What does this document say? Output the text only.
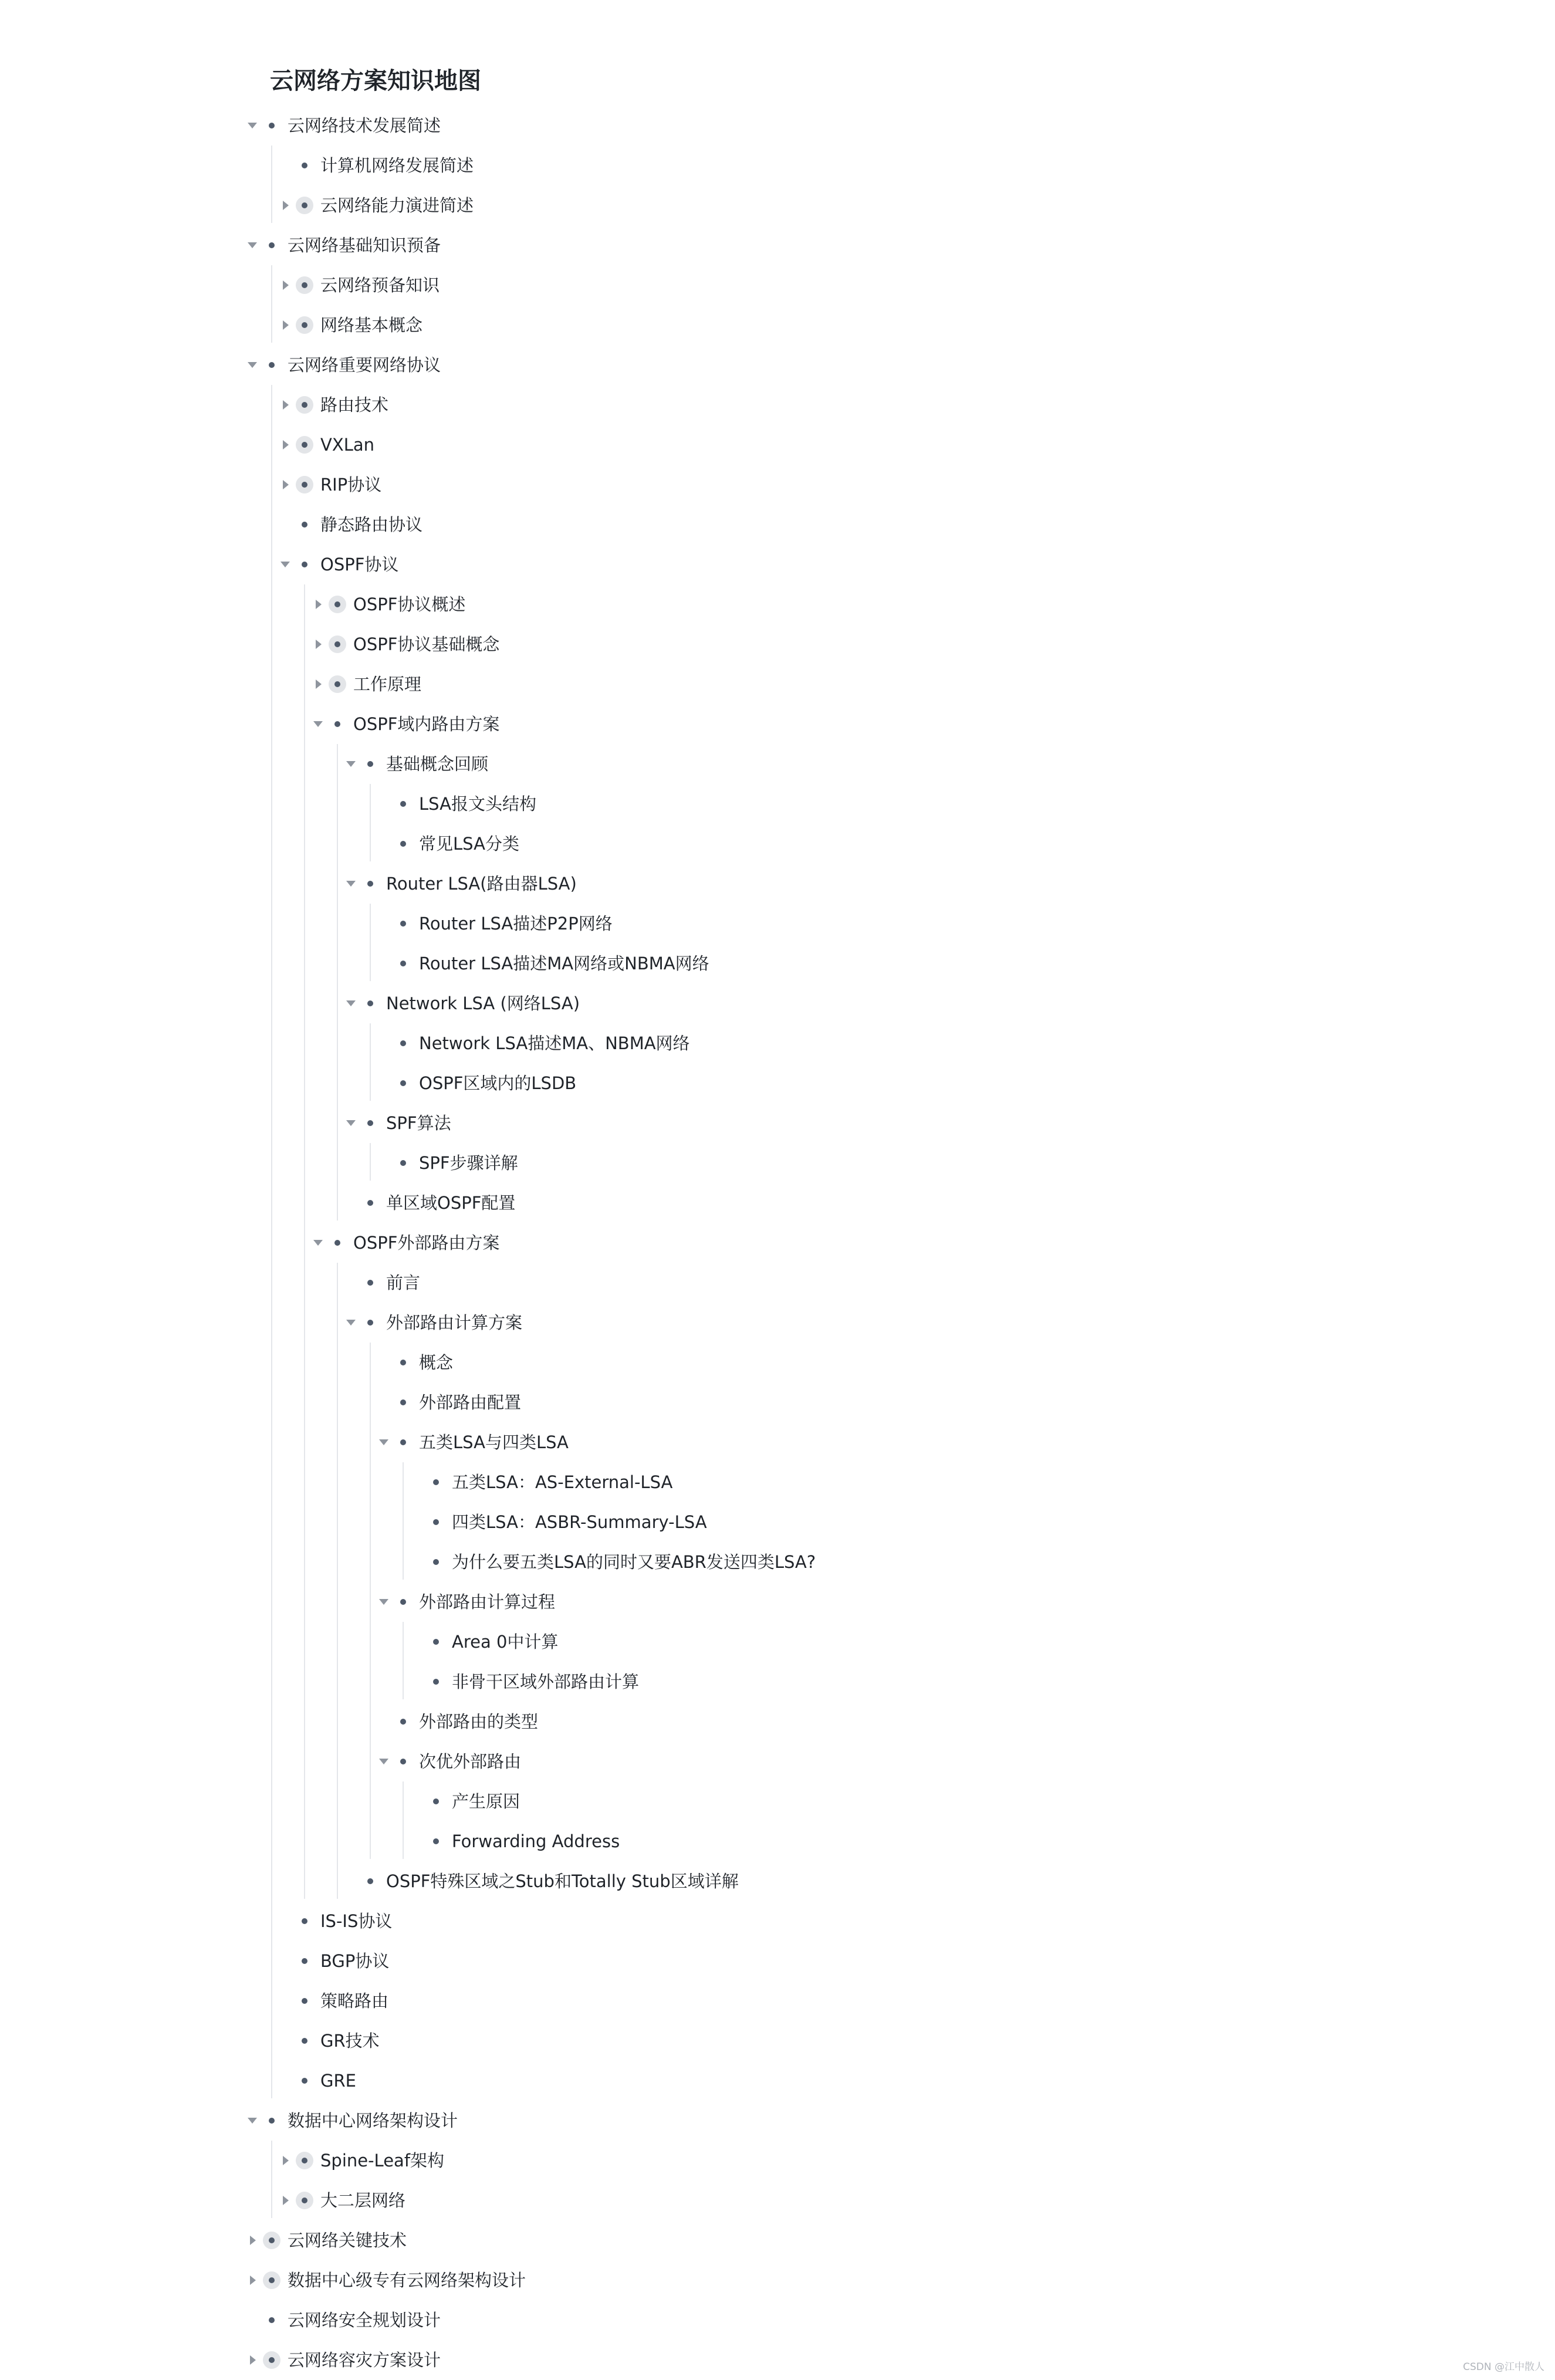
云网络方案知识地图
云网络技术发展简述
计算机网络发展简述
云网络能力演进简述
云网络基础知识预备
云网络预备知识
网络基本概念
云网络重要网络协议
路由技术
VXLan
RIP协议
静态路由协议
OSPF协议
OSPF协议概述
OSPF协议基础概念
工作原理
OSPF域内路由方案
基础概念回顾
LSA报文头结构
常见LSA分类
Router LSA(路由器LSA)
Router LSA描述P2P网络
Router LSA描述MA网络或NBMA网络
Network LSA (网络LSA)
Network LSA描述MA、NBMA网络
OSPF区域内的LSDB
SPF算法
SPF步骤详解
单区域OSPF配置
OSPF外部路由方案
前言
外部路由计算方案
概念
外部路由配置
五类LSA与四类LSA
五类LSA：AS-External-LSA
四类LSA：ASBR-Summary-LSA
为什么要五类LSA的同时又要ABR发送四类LSA?
外部路由计算过程
Area 0中计算
非骨干区域外部路由计算
外部路由的类型
次优外部路由
产生原因
Forwarding Address
OSPF特殊区域之Stub和Totally Stub区域详解
IS-IS协议
BGP协议
策略路由
GR技术
GRE
数据中心网络架构设计
Spine-Leaf架构
大二层网络
云网络关键技术
数据中心级专有云网络架构设计
云网络安全规划设计
云网络容灾方案设计	CSDN @江中散人
